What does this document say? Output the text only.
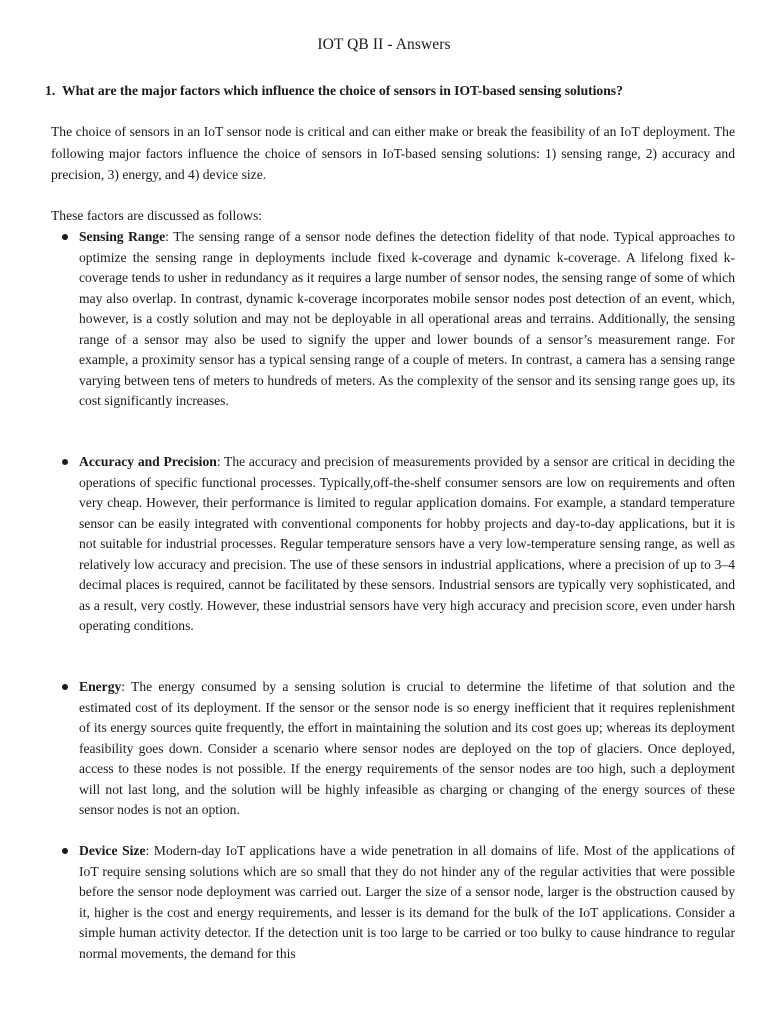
IOT QB II - Answers
1. What are the major factors which influence the choice of sensors in IOT-based sensing solutions?

The choice of sensors in an IoT sensor node is critical and can either make or break the feasibility of an IoT deployment. The following major factors influence the choice of sensors in IoT-based sensing solutions: 1) sensing range, 2) accuracy and precision, 3) energy, and 4) device size.

These factors are discussed as follows:

Sensing Range: The sensing range of a sensor node defines the detection fidelity of that node. Typical approaches to optimize the sensing range in deployments include fixed k-coverage and dynamic k-coverage. A lifelong fixed k-coverage tends to usher in redundancy as it requires a large number of sensor nodes, the sensing range of some of which may also overlap. In contrast, dynamic k-coverage incorporates mobile sensor nodes post detection of an event, which, however, is a costly solution and may not be deployable in all operational areas and terrains. Additionally, the sensing range of a sensor may also be used to signify the upper and lower bounds of a sensor’s measurement range. For example, a proximity sensor has a typical sensing range of a couple of meters. In contrast, a camera has a sensing range varying between tens of meters to hundreds of meters. As the complexity of the sensor and its sensing range goes up, its cost significantly increases.
Accuracy and Precision: The accuracy and precision of measurements provided by a sensor are critical in deciding the operations of specific functional processes. Typically,off-the-shelf consumer sensors are low on requirements and often very cheap. However, their performance is limited to regular application domains. For example, a standard temperature sensor can be easily integrated with conventional components for hobby projects and day-to-day applications, but it is not suitable for industrial processes. Regular temperature sensors have a very low-temperature sensing range, as well as relatively low accuracy and precision. The use of these sensors in industrial applications, where a precision of up to 3–4 decimal places is required, cannot be facilitated by these sensors. Industrial sensors are typically very sophisticated, and as a result, very costly. However, these industrial sensors have very high accuracy and precision score, even under harsh operating conditions.
Energy: The energy consumed by a sensing solution is crucial to determine the lifetime of that solution and the estimated cost of its deployment. If the sensor or the sensor node is so energy inefficient that it requires replenishment of its energy sources quite frequently, the effort in maintaining the solution and its cost goes up; whereas its deployment feasibility goes down. Consider a scenario where sensor nodes are deployed on the top of glaciers. Once deployed, access to these nodes is not possible. If the energy requirements of the sensor nodes are too high, such a deployment will not last long, and the solution will be highly infeasible as charging or changing of the energy sources of these sensor nodes is not an option.
Device Size: Modern-day IoT applications have a wide penetration in all domains of life. Most of the applications of IoT require sensing solutions which are so small that they do not hinder any of the regular activities that were possible before the sensor node deployment was carried out. Larger the size of a sensor node, larger is the obstruction caused by it, higher is the cost and energy requirements, and lesser is its demand for the bulk of the IoT applications. Consider a simple human activity detector. If the detection unit is too large to be carried or too bulky to cause hindrance to regular normal movements, the demand for this
